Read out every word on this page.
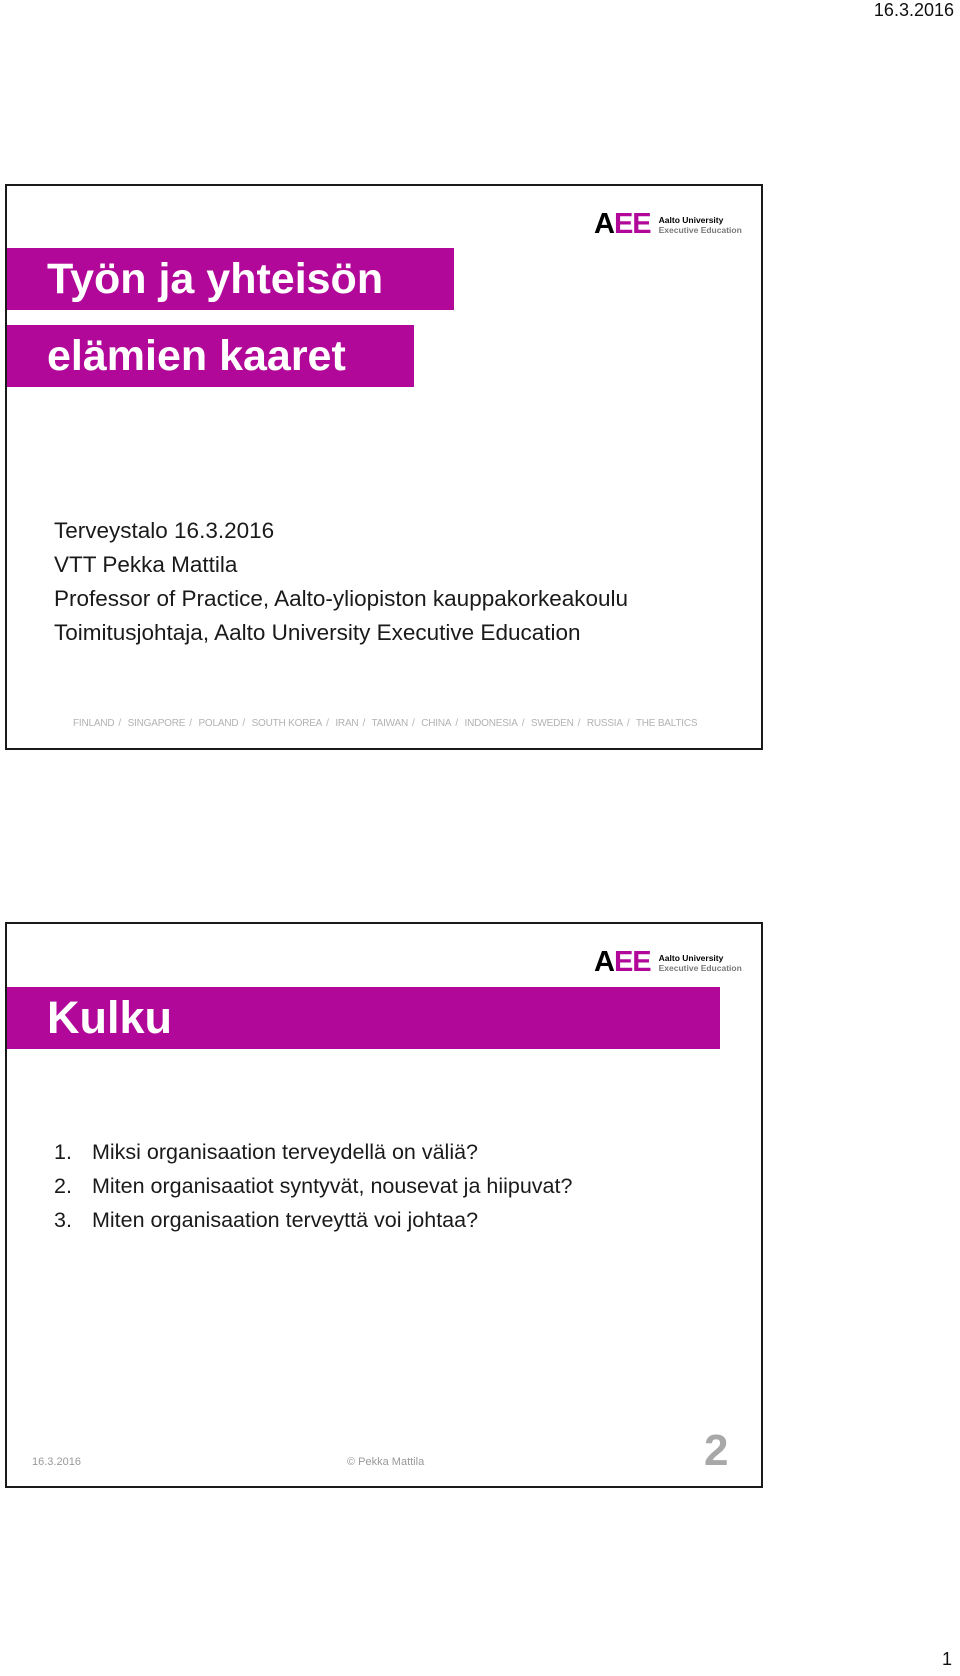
16.3.2016
AEE Aalto University
Executive Education
Työn ja yhteisön
elämien kaaret
Terveystalo 16.3.2016
VTT Pekka Mattila
Professor of Practice, Aalto-yliopiston kauppakorkeakoulu
Toimitusjohtaja, Aalto University Executive Education
FINLAND / SINGAPORE / POLAND / SOUTH KOREA / IRAN / TAIWAN / CHINA / INDONESIA / SWEDEN / RUSSIA / THE BALTICS
AEE Aalto University
Executive Education
Kulku
1. Miksi organisaation terveydellä on väliä?
2. Miten organisaatiot syntyvät, nousevat ja hiipuvat?
3. Miten organisaation terveyttä voi johtaa?
16.3.2016	© Pekka Mattila	2
1
